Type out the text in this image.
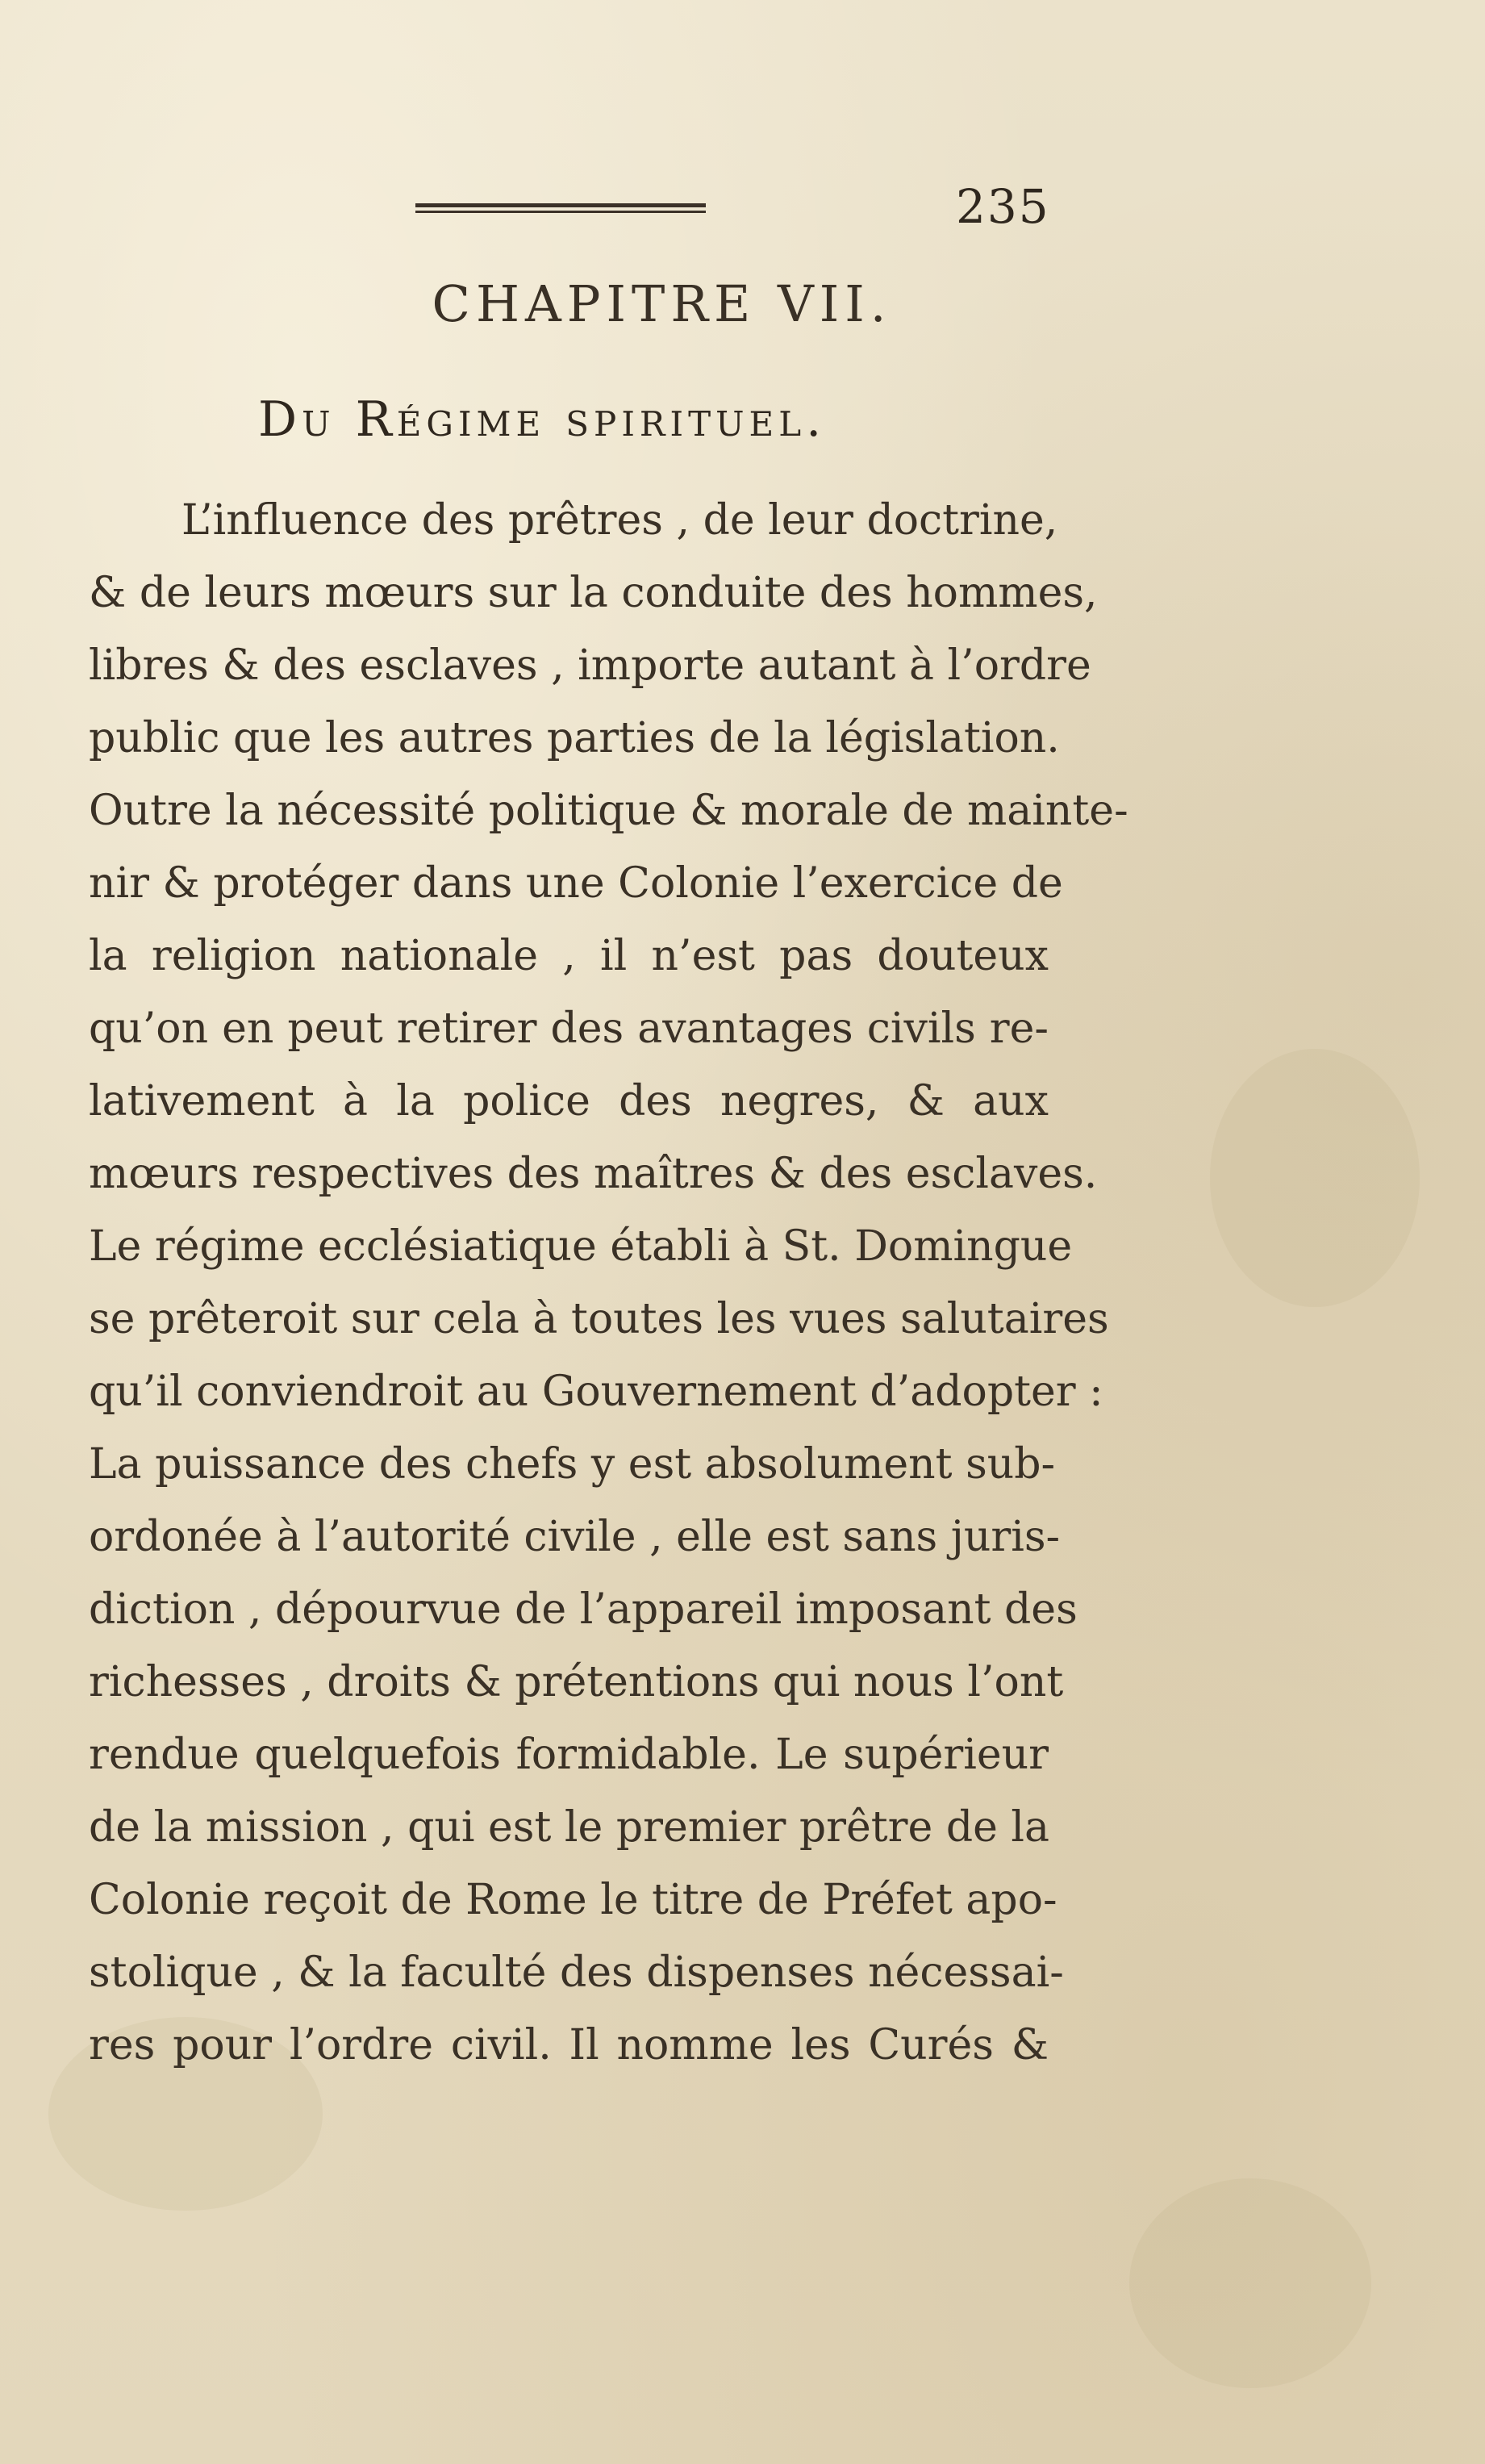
235
CHAPITRE VII.
Du Régime spirituel.
L’influence des prêtres , de leur doctrine,
& de leurs mœurs sur la conduite des hommes,
libres & des esclaves , importe autant à l’ordre
public que les autres parties de la législation.
Outre la nécessité politique & morale de mainte-
nir & protéger dans une Colonie l’exercice de
la religion nationale , il n’est pas douteux
qu’on en peut retirer des avantages civils re-
lativement à la police des negres, & aux
mœurs respectives des maîtres & des esclaves.
Le régime ecclésiatique établi à St. Domingue
se prêteroit sur cela à toutes les vues salutaires
qu’il conviendroit au Gouvernement d’adopter :
La puissance des chefs y est absolument sub-
ordonée à l’autorité civile , elle est sans juris-
diction , dépourvue de l’appareil imposant des
richesses , droits & prétentions qui nous l’ont
rendue quelquefois formidable. Le supérieur
de la mission , qui est le premier prêtre de la
Colonie reçoit de Rome le titre de Préfet apo-
stolique , & la faculté des dispenses nécessai-
res pour l’ordre civil. Il nomme les Curés &
